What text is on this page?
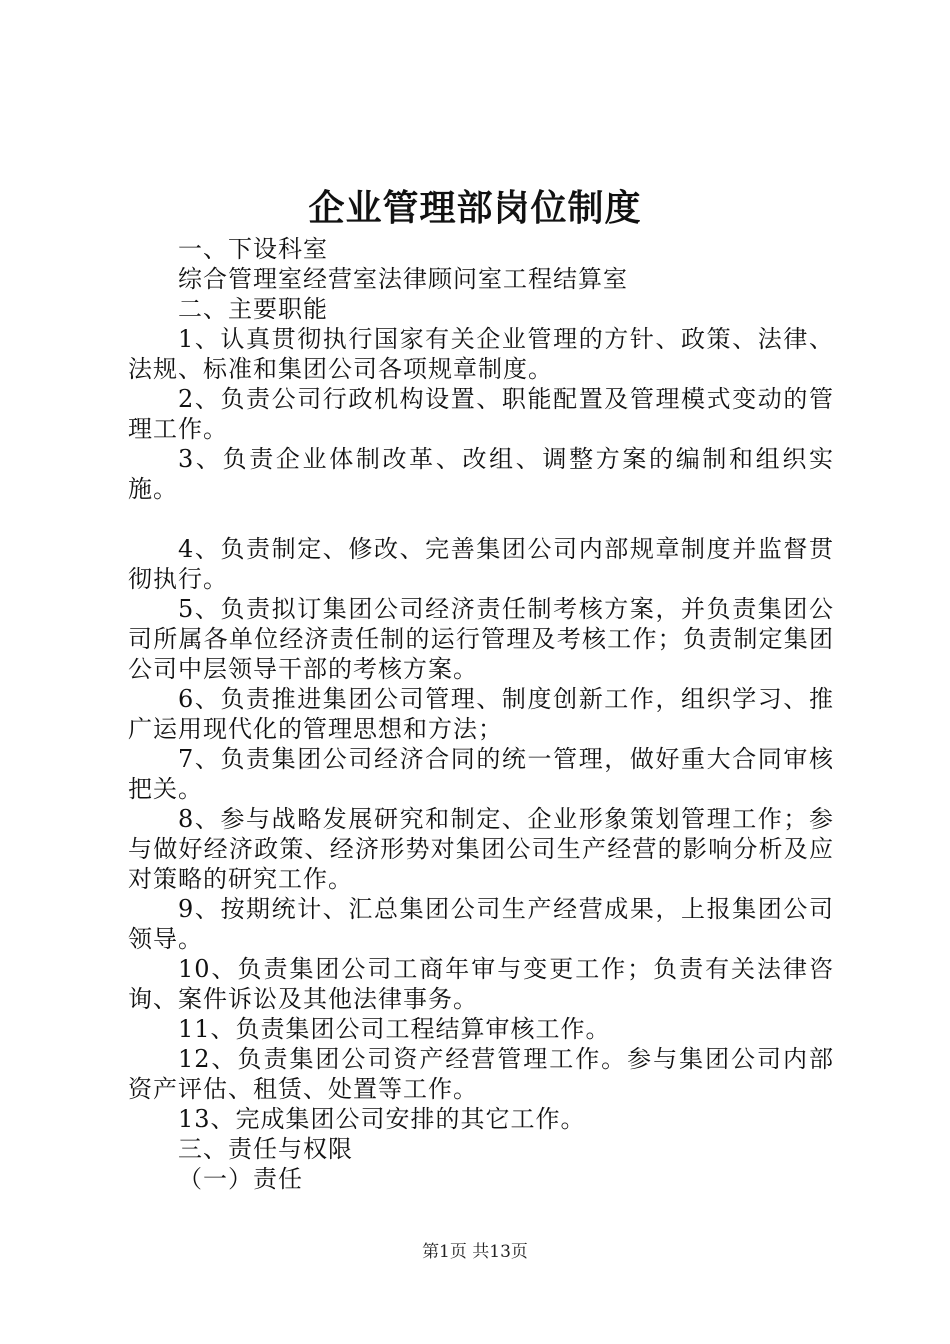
企业管理部岗位制度

一、下设科室

综合管理室经营室法律顾问室工程结算室

二、主要职能

1、认真贯彻执行国家有关企业管理的方针、政策、法律、法规、标准和集团公司各项规章制度。

2、负责公司行政机构设置、职能配置及管理模式变动的管理工作。

3、负责企业体制改革、改组、调整方案的编制和组织实施。

4、负责制定、修改、完善集团公司内部规章制度并监督贯彻执行。

5、负责拟订集团公司经济责任制考核方案，并负责集团公司所属各单位经济责任制的运行管理及考核工作；负责制定集团公司中层领导干部的考核方案。

6、负责推进集团公司管理、制度创新工作，组织学习、推广运用现代化的管理思想和方法；

7、负责集团公司经济合同的统一管理，做好重大合同审核把关。

8、参与战略发展研究和制定、企业形象策划管理工作；参与做好经济政策、经济形势对集团公司生产经营的影响分析及应对策略的研究工作。

9、按期统计、汇总集团公司生产经营成果，上报集团公司领导。

10、负责集团公司工商年审与变更工作；负责有关法律咨询、案件诉讼及其他法律事务。

11、负责集团公司工程结算审核工作。

12、负责集团公司资产经营管理工作。参与集团公司内部资产评估、租赁、处置等工作。

13、完成集团公司安排的其它工作。

三、责任与权限

（一）责任

第1页 共13页
